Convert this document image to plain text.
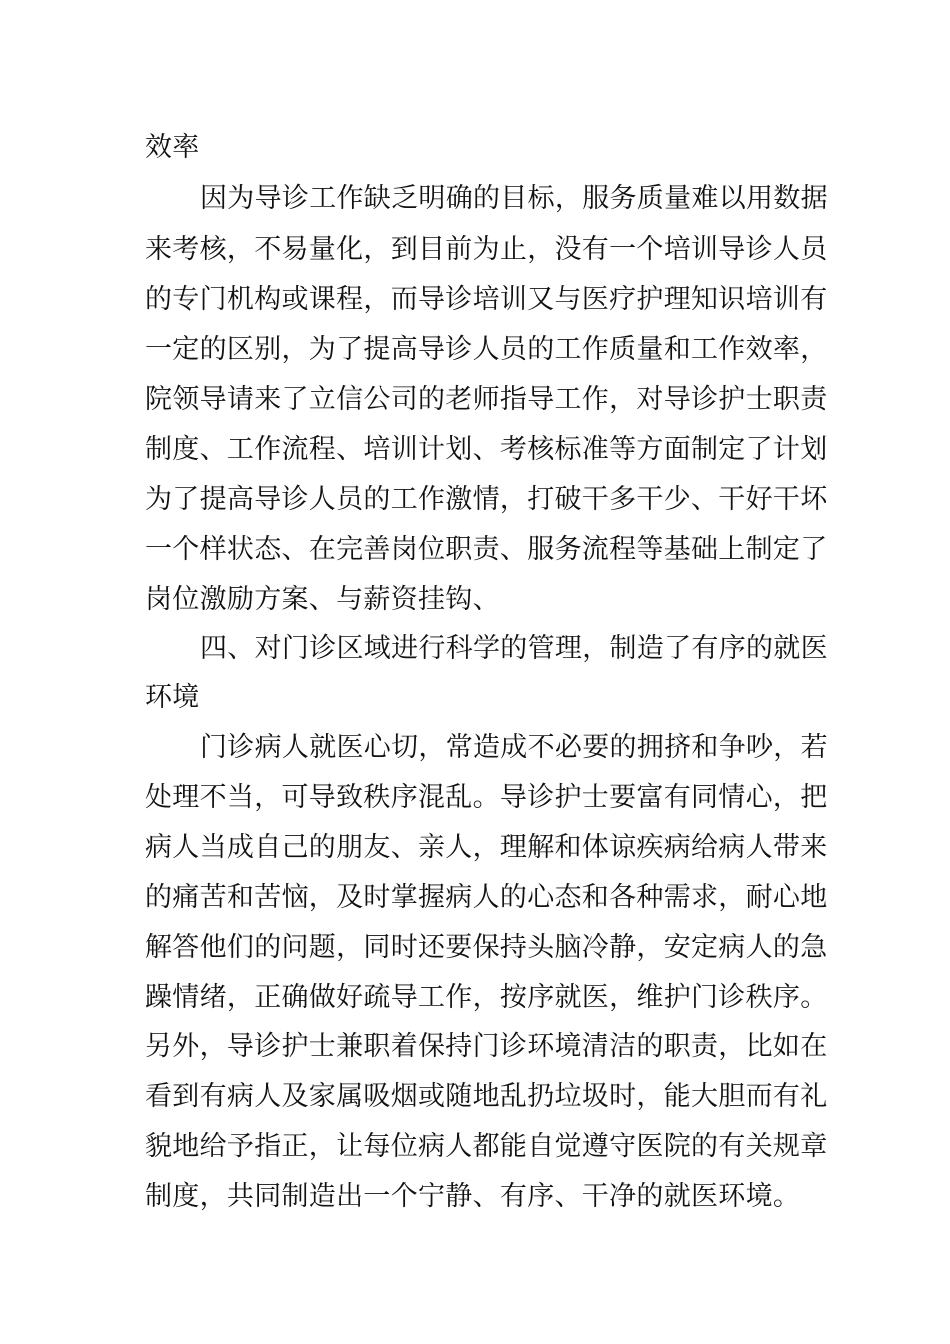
效率
因为导诊工作缺乏明确的目标，服务质量难以用数据
来考核，不易量化，到目前为止，没有一个培训导诊人员
的专门机构或课程，而导诊培训又与医疗护理知识培训有
一定的区别，为了提高导诊人员的工作质量和工作效率，
院领导请来了立信公司的老师指导工作，对导诊护士职责
制度、工作流程、培训计划、考核标准等方面制定了计划
为了提高导诊人员的工作激情，打破干多干少、干好干坏
一个样状态、在完善岗位职责、服务流程等基础上制定了
岗位激励方案、与薪资挂钩、
四、对门诊区域进行科学的管理，制造了有序的就医
环境
门诊病人就医心切，常造成不必要的拥挤和争吵，若
处理不当，可导致秩序混乱。导诊护士要富有同情心，把
病人当成自己的朋友、亲人，理解和体谅疾病给病人带来
的痛苦和苦恼，及时掌握病人的心态和各种需求，耐心地
解答他们的问题，同时还要保持头脑冷静，安定病人的急
躁情绪，正确做好疏导工作，按序就医，维护门诊秩序。
另外，导诊护士兼职着保持门诊环境清洁的职责，比如在
看到有病人及家属吸烟或随地乱扔垃圾时，能大胆而有礼
貌地给予指正，让每位病人都能自觉遵守医院的有关规章
制度，共同制造出一个宁静、有序、干净的就医环境。
